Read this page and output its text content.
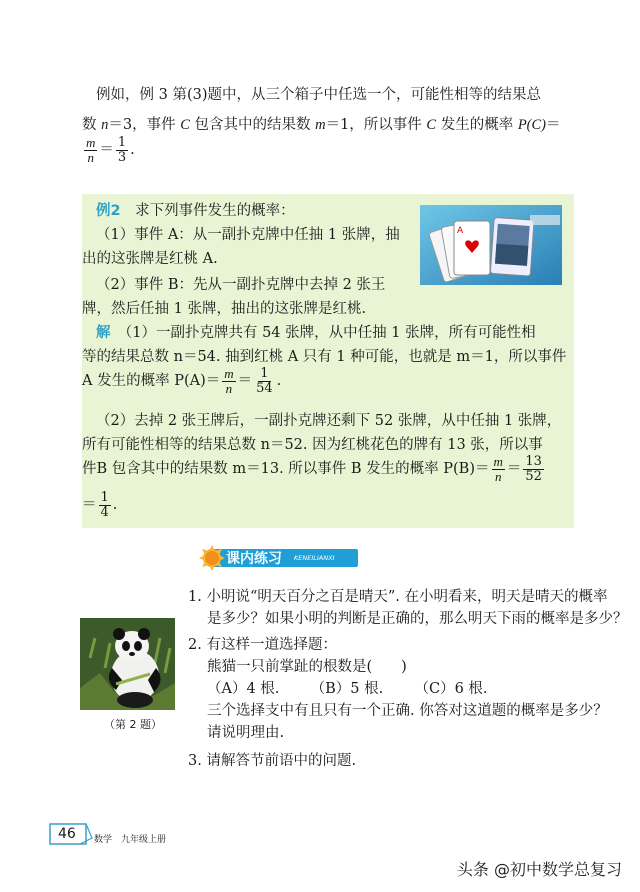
例如，例 3 第(3)题中，从三个箱子中任选一个，可能性相等的结果总
数 n＝3，事件 C 包含其中的结果数 m＝1，所以事件 C 发生的概率 P(C)＝
$\frac{m}{n} = \frac{1}{3}$ .
A
例2　 求下列事件发生的概率：
（1）事件 A：从一副扑克牌中任抽 1 张牌，抽
出的这张牌是红桃 A.
（2）事件 B：先从一副扑克牌中去掉 2 张王
牌，然后任抽 1 张牌，抽出的这张牌是红桃.
解　 （1）一副扑克牌共有 54 张牌，从中任抽 1 张牌，所有可能性相
等的结果总数 n＝54. 抽到红桃 A 只有 1 种可能，也就是 m＝1，所以事件
A 发生的概率 $P(A)= \frac{m}{n} = \frac{1}{54}$ .
（2）去掉 2 张王牌后，一副扑克牌还剩下 52 张牌，从中任抽 1 张牌，
所有可能性相等的结果总数 n＝52. 因为红桃花色的牌有 13 张，所以事
件B 包含其中的结果数 m＝13. 所以事件 B 发生的概率 $P(B)= \frac{m}{n} = \frac{13}{52}$
＝ $\frac{1}{4}$ .
课内练习 KENEILIANXI
（第 2 题）
1. 小明说“明天百分之百是晴天”. 在小明看来，明天是晴天的概率
是多少？如果小明的判断是正确的，那么明天下雨的概率是多少？
2. 有这样一道选择题：
熊猫一只前掌趾的根数是(　　)
（A）4 根. （B）5 根. （C）6 根.
三个选择支中有且只有一个正确. 你答对这道题的概率是多少？
请说明理由.
3. 请解答节前语中的问题.
46 数学　九年级上册
头条 @初中数学总复习
